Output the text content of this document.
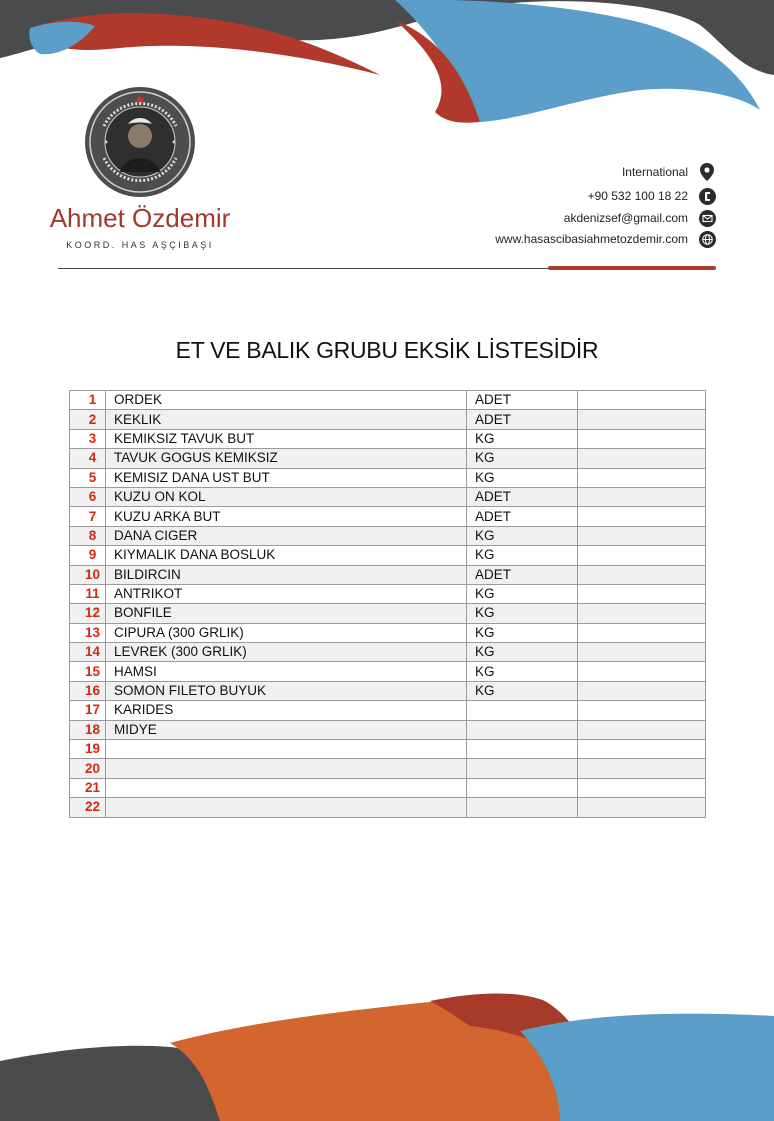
Ahmet Özdemir
KOORD. HAS AŞÇIBAŞI
International
+90 532 100 18 22
akdenizsef@gmail.com
www.hasascibasiahmetozdemir.com
ET VE BALIK GRUBU EKSİK LİSTESİDİR
1	ORDEK	ADET	
2	KEKLIK	ADET	
3	KEMIKSIZ TAVUK BUT	KG	
4	TAVUK GOGUS KEMIKSIZ	KG	
5	KEMISIZ DANA UST BUT	KG	
6	KUZU ON KOL	ADET	
7	KUZU ARKA BUT	ADET	
8	DANA CIGER	KG	
9	KIYMALIK DANA BOSLUK	KG	
10	BILDIRCIN	ADET	
11	ANTRIKOT	KG	
12	BONFILE	KG	
13	CIPURA (300 GRLIK)	KG	
14	LEVREK (300 GRLIK)	KG	
15	HAMSI	KG	
16	SOMON FILETO BUYUK	KG	
17	KARIDES		
18	MIDYE		
19			
20			
21			
22			
